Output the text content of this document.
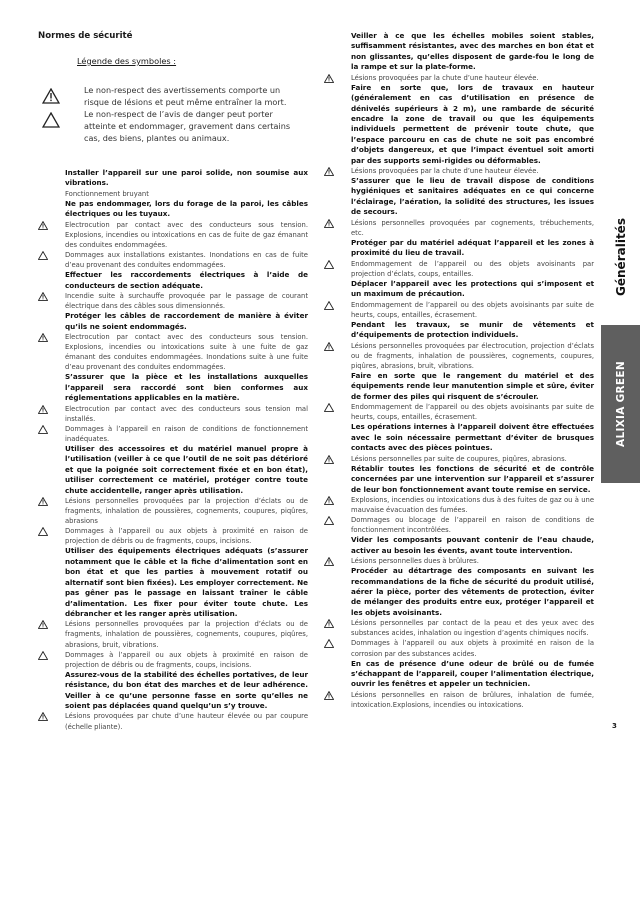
Normes de sécurité
Légende des symboles :
Le non-respect des avertissements comporte un risque de lésions et peut même entraîner la mort.
Le non-respect de l’avis de danger peut porter atteinte et endommager, gravement dans certains cas, des biens, plantes ou animaux.
Installer l’appareil sur une paroi solide, non soumise aux vibrations.
Fonctionnement bruyant
Ne pas endommager, lors du forage de la paroi, les câbles électriques ou les tuyaux.
Electrocution par contact avec des conducteurs sous tension. Explosions, incendies ou intoxications en cas de fuite de gaz émanant des conduites endommagées.
Dommages aux installations existantes. Inondations en cas de fuite d’eau provenant des conduites endommagées.
Effectuer les raccordements électriques à l’aide de conducteurs de section adéquate.
Incendie suite à surchauffe provoquée par le passage de courant électrique dans des câbles sous dimensionnés.
Protéger les câbles de raccordement de manière à éviter qu’ils ne soient endommagés.
Electrocution par contact avec des conducteurs sous tension. Explosions, incendies ou intoxications suite à une fuite de gaz émanant des conduites endommagées. Inondations suite à une fuite d’eau provenant des conduites endommagées.
S’assurer que la pièce et les installations auxquelles l’appareil sera raccordé sont bien conformes aux réglementations applicables en la matière.
Electrocution par contact avec des conducteurs sous tension mal installés.
Dommages à l’appareil en raison de conditions de fonctionnement inadéquates.
Utiliser des accessoires et du matériel manuel propre à l’utilisation (veiller à ce que l’outil de ne soit pas détérioré et que la poignée soit correctement fixée et en bon état), utiliser correctement ce matériel, protéger contre toute chute accidentelle, ranger après utilisation.
Lésions personnelles provoquées par la projection d’éclats ou de fragments, inhalation de poussières, cognements, coupures, piqûres, abrasions
Dommages à l’appareil ou aux objets à proximité en raison de projection de débris ou de fragments, coups, incisions.
Utiliser des équipements électriques adéquats (s’assurer notamment que le câble et la fiche d’alimentation sont en bon état et que les parties à mouvement rotatif ou alternatif sont bien fixées). Les employer correctement. Ne pas gêner pas le passage en laissant traîner le câble d’alimentation. Les fixer pour éviter toute chute. Les débrancher et les ranger après utilisation.
Lésions personnelles provoquées par la projection d’éclats ou de fragments, inhalation de poussières, cognements, coupures, piqûres, abrasions, bruit, vibrations.
Dommages à l’appareil ou aux objets à proximité en raison de projection de débris ou de fragments, coups, incisions.
Assurez-vous de la stabilité des échelles portatives, de leur résistance, du bon état des marches et de leur adhérence. Veiller à ce qu’une personne fasse en sorte qu’elles ne soient pas déplacées quand quelqu’un s’y trouve.
Lésions provoquées par chute d’une hauteur élevée ou par coupure (échelle pliante).
Veiller à ce que les échelles mobiles soient stables, suffisamment résistantes, avec des marches en bon état et non glissantes, qu’elles disposent de garde-fou le long de la rampe et sur la plate-forme.
Lésions provoquées par la chute d’une hauteur élevée.
Faire en sorte que, lors de travaux en hauteur (généralement en cas d’utilisation en présence de dénivelés supérieurs à 2 m), une rambarde de sécurité encadre la zone de travail ou que les équipements individuels permettent de prévenir toute chute, que l’espace parcouru en cas de chute ne soit pas encombré d’objets dangereux, et que l’impact éventuel soit amorti par des supports semi-rigides ou déformables.
Lésions provoquées par la chute d’une hauteur élevée.
S’assurer que le lieu de travail dispose de conditions hygiéniques et sanitaires adéquates en ce qui concerne l’éclairage, l’aération, la solidité des structures, les issues de secours.
Lésions personnelles provoquées par cognements, trébuchements, etc.
Protéger par du matériel adéquat l’appareil et les zones à proximité du lieu de travail.
Endommagement de l’appareil ou des objets avoisinants par projection d’éclats, coups, entailles.
Déplacer l’appareil avec les protections qui s’imposent et un maximum de précaution.
Endommagement de l’appareil ou des objets avoisinants par suite de heurts, coups, entailles, écrasement.
Pendant les travaux, se munir de vêtements et d’équipements de protection individuels.
Lésions personnelles provoquées par électrocution, projection d’éclats ou de fragments, inhalation de poussières, cognements, coupures, piqûres, abrasions, bruit, vibrations.
Faire en sorte que le rangement du matériel et des équipements rende leur manutention simple et sûre, éviter de former des piles qui risquent de s’écrouler.
Endommagement de l’appareil ou des objets avoisinants par suite de heurts, coups, entailles, écrasement.
Les opérations internes à l’appareil doivent être effectuées avec le soin nécessaire permettant d’éviter de brusques contacts avec des pièces pointues.
Lésions personnelles par suite de coupures, piqûres, abrasions.
Rétablir toutes les fonctions de sécurité et de contrôle concernées par une intervention sur l’appareil et s’assurer de leur bon fonctionnement avant toute remise en service.
Explosions, incendies ou intoxications dus à des fuites de gaz ou à une mauvaise évacuation des fumées.
Dommages ou blocage de l’appareil en raison de conditions de fonctionnement incontrôlées.
Vider les composants pouvant contenir de l’eau chaude, activer au besoin les évents, avant toute intervention.
Lésions personnelles dues à brûlures.
Procéder au détartrage des composants en suivant les recommandations de la fiche de sécurité du produit utilisé, aérer la pièce, porter des vêtements de protection, éviter de mélanger des produits entre eux, protéger l’appareil et les objets avoisinants.
Lésions personnelles par contact de la peau et des yeux avec des substances acides, inhalation ou ingestion d’agents chimiques nocifs.
Dommages à l’appareil ou aux objets à proximité en raison de la corrosion par des substances acides.
En cas de présence d’une odeur de brûlé ou de fumée s’échappant de l’appareil, couper l’alimentation électrique, ouvrir les fenêtres et appeler un technicien.
Lésions personnelles en raison de brûlures, inhalation de fumée, intoxication.Explosions, incendies ou intoxications.
Généralités
ALIXIA GREEN
3
